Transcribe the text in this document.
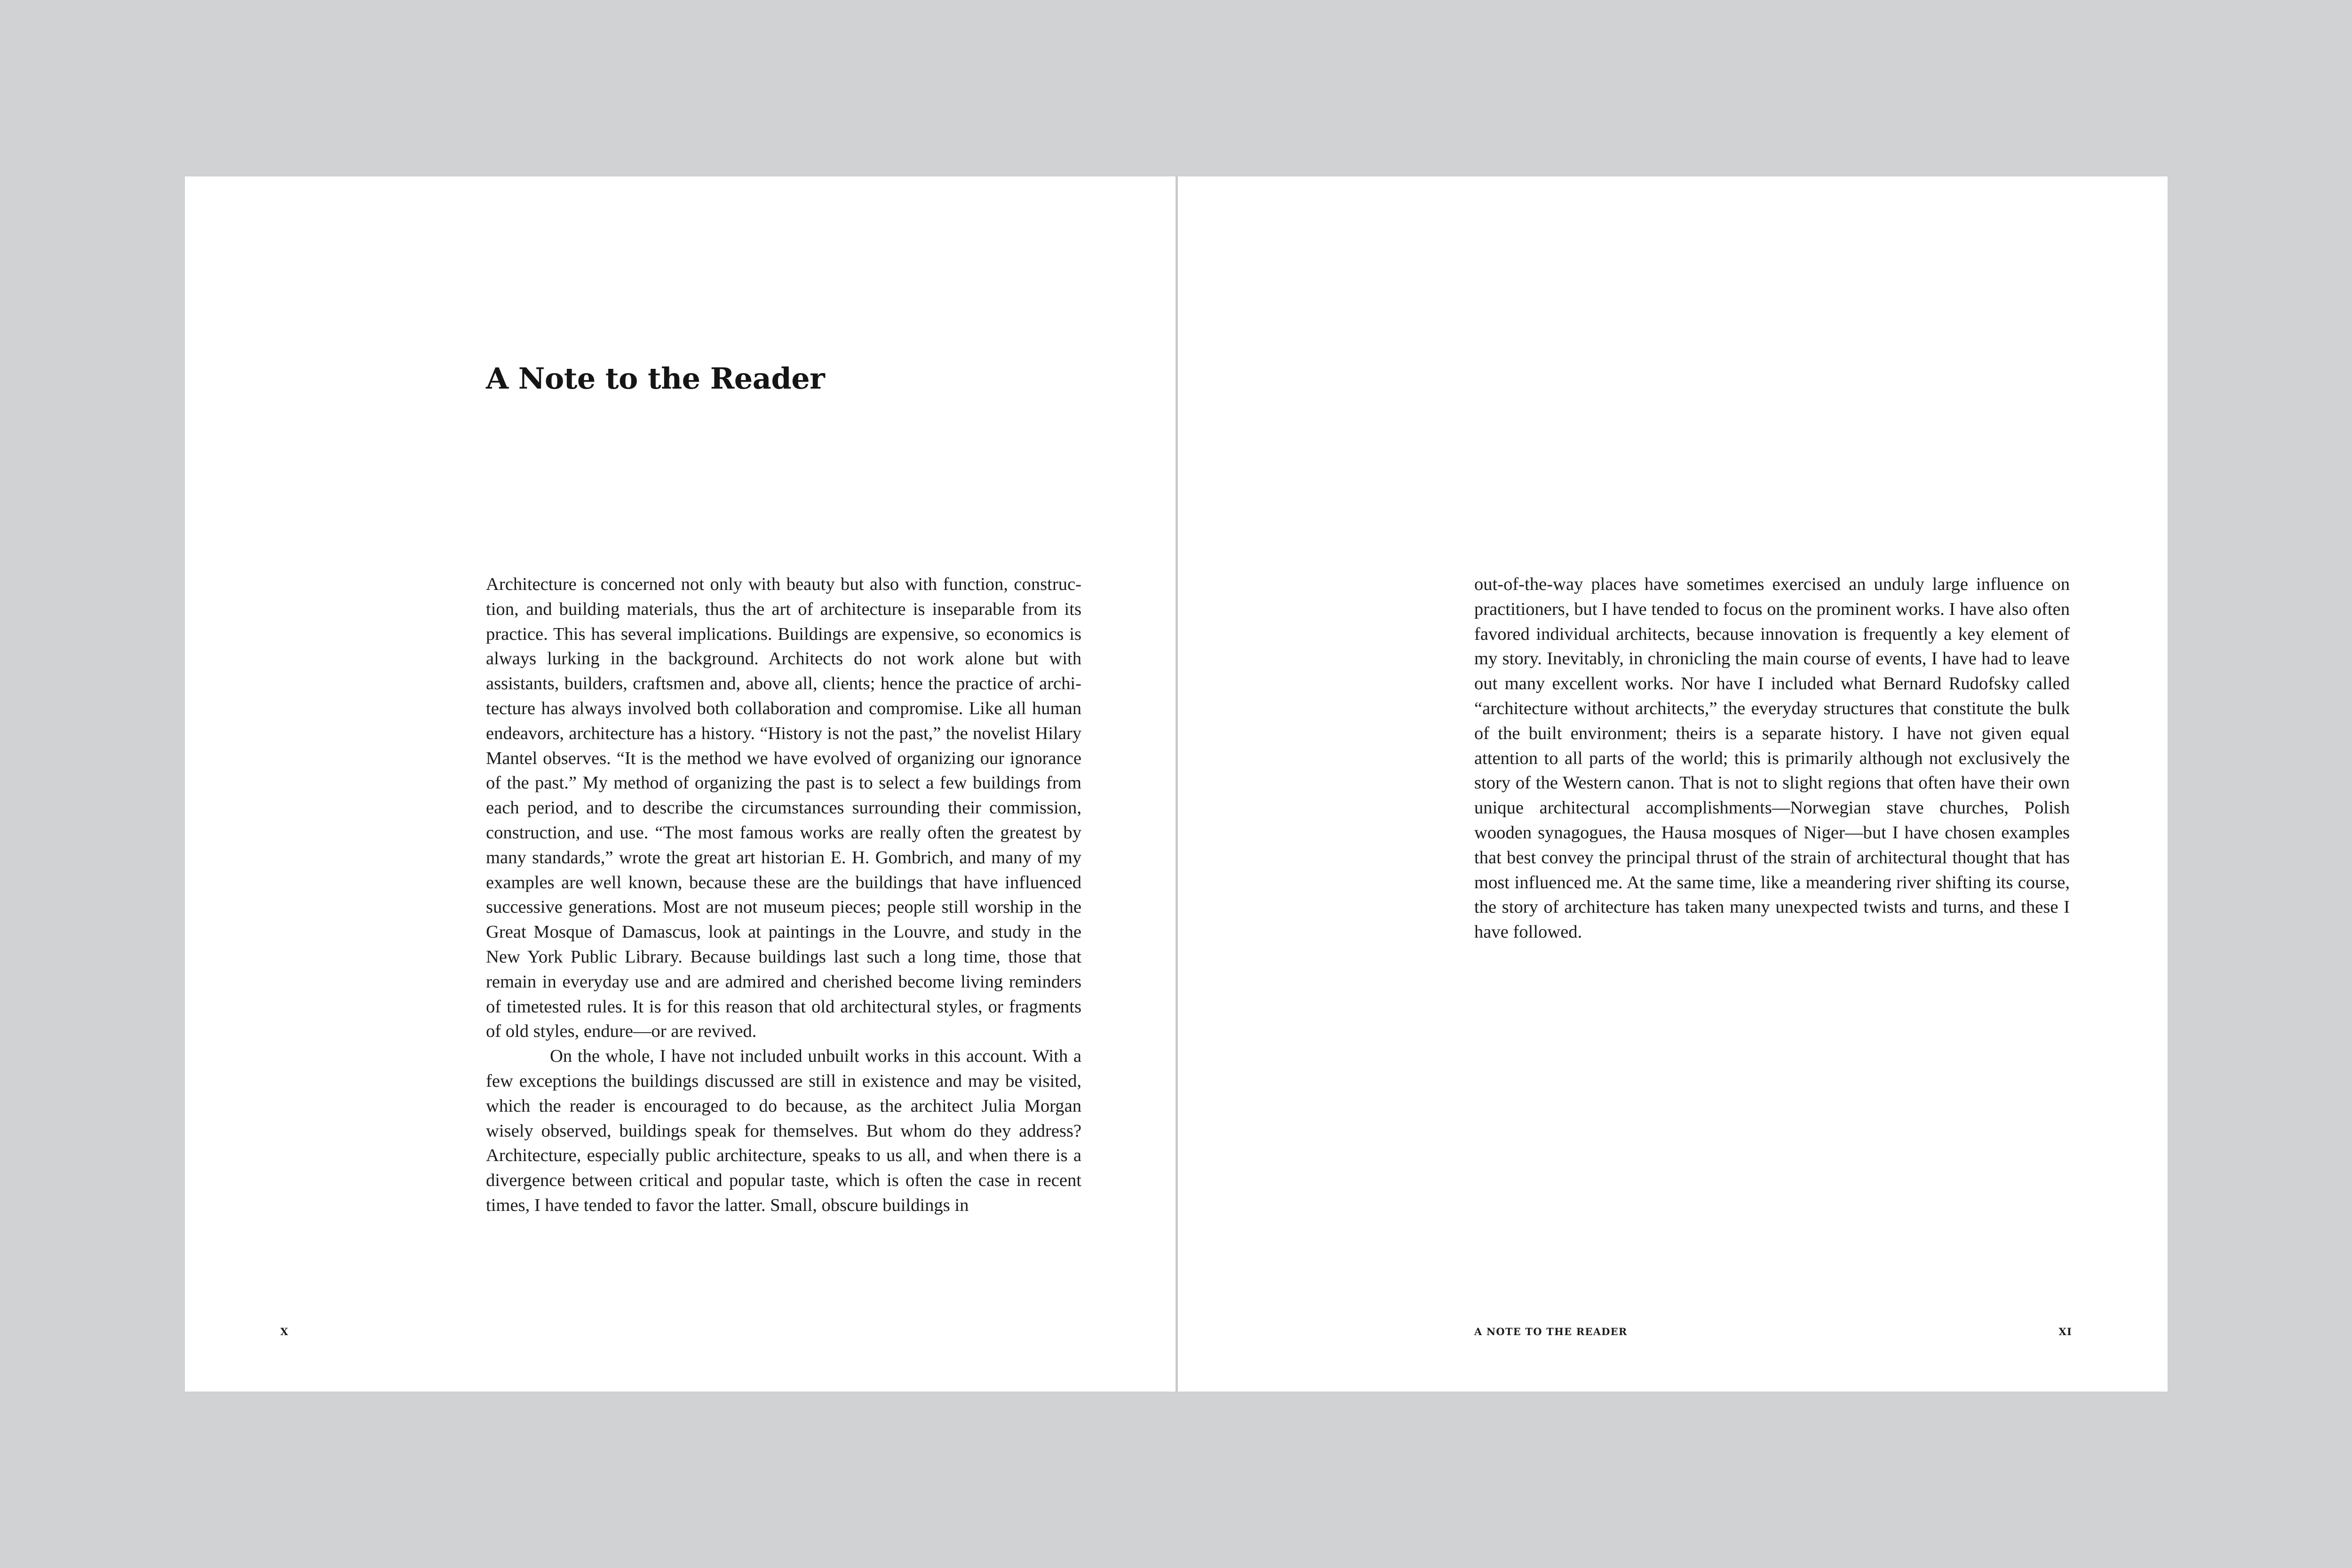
A Note to the Reader

Architecture is concerned not only with beauty but also with function, construction, and building materials, thus the art of architecture is inseparable from its practice. This has several implications. Buildings are expensive, so economics is always lurking in the background. Architects do not work alone but with assistants, builders, craftsmen and, above all, clients; hence the practice of architecture has always involved both collaboration and compromise. Like all human endeavors, architecture has a history. “History is not the past,” the novelist Hilary Mantel observes. “It is the method we have evolved of organizing our ignorance of the past.” My method of organizing the past is to select a few buildings from each period, and to describe the circumstances surrounding their commission, construction, and use. “The most famous works are really often the greatest by many standards,” wrote the great art historian E. H. Gombrich, and many of my examples are well known, because these are the buildings that have influenced successive generations. Most are not museum pieces; people still worship in the Great Mosque of Damascus, look at paintings in the Louvre, and study in the New York Public Library. Because buildings last such a long time, those that remain in everyday use and are admired and cherished become living reminders of timetested rules. It is for this reason that old architectural styles, or fragments of old styles, endure—or are revived.

On the whole, I have not included unbuilt works in this account. With a few exceptions the buildings discussed are still in existence and may be visited, which the reader is encouraged to do because, as the architect Julia Morgan wisely observed, buildings speak for themselves. But whom do they address? Architecture, especially public architecture, speaks to us all, and when there is a divergence between critical and popular taste, which is often the case in recent times, I have tended to favor the latter. Small, obscure buildings in

X

out-of-the-way places have sometimes exercised an unduly large influence on practitioners, but I have tended to focus on the prominent works. I have also often favored individual architects, because innovation is frequently a key element of my story. Inevitably, in chronicling the main course of events, I have had to leave out many excellent works. Nor have I included what Bernard Rudofsky called “architecture without architects,” the everyday structures that constitute the bulk of the built environment; theirs is a separate history. I have not given equal attention to all parts of the world; this is primarily although not exclusively the story of the Western canon. That is not to slight regions that often have their own unique architectural accomplishments—Norwegian stave churches, Polish wooden synagogues, the Hausa mosques of Niger—but I have chosen examples that best convey the principal thrust of the strain of architectural thought that has most influenced me. At the same time, like a meandering river shifting its course, the story of architecture has taken many unexpected twists and turns, and these I have followed.

A NOTE TO THE READER	XI
